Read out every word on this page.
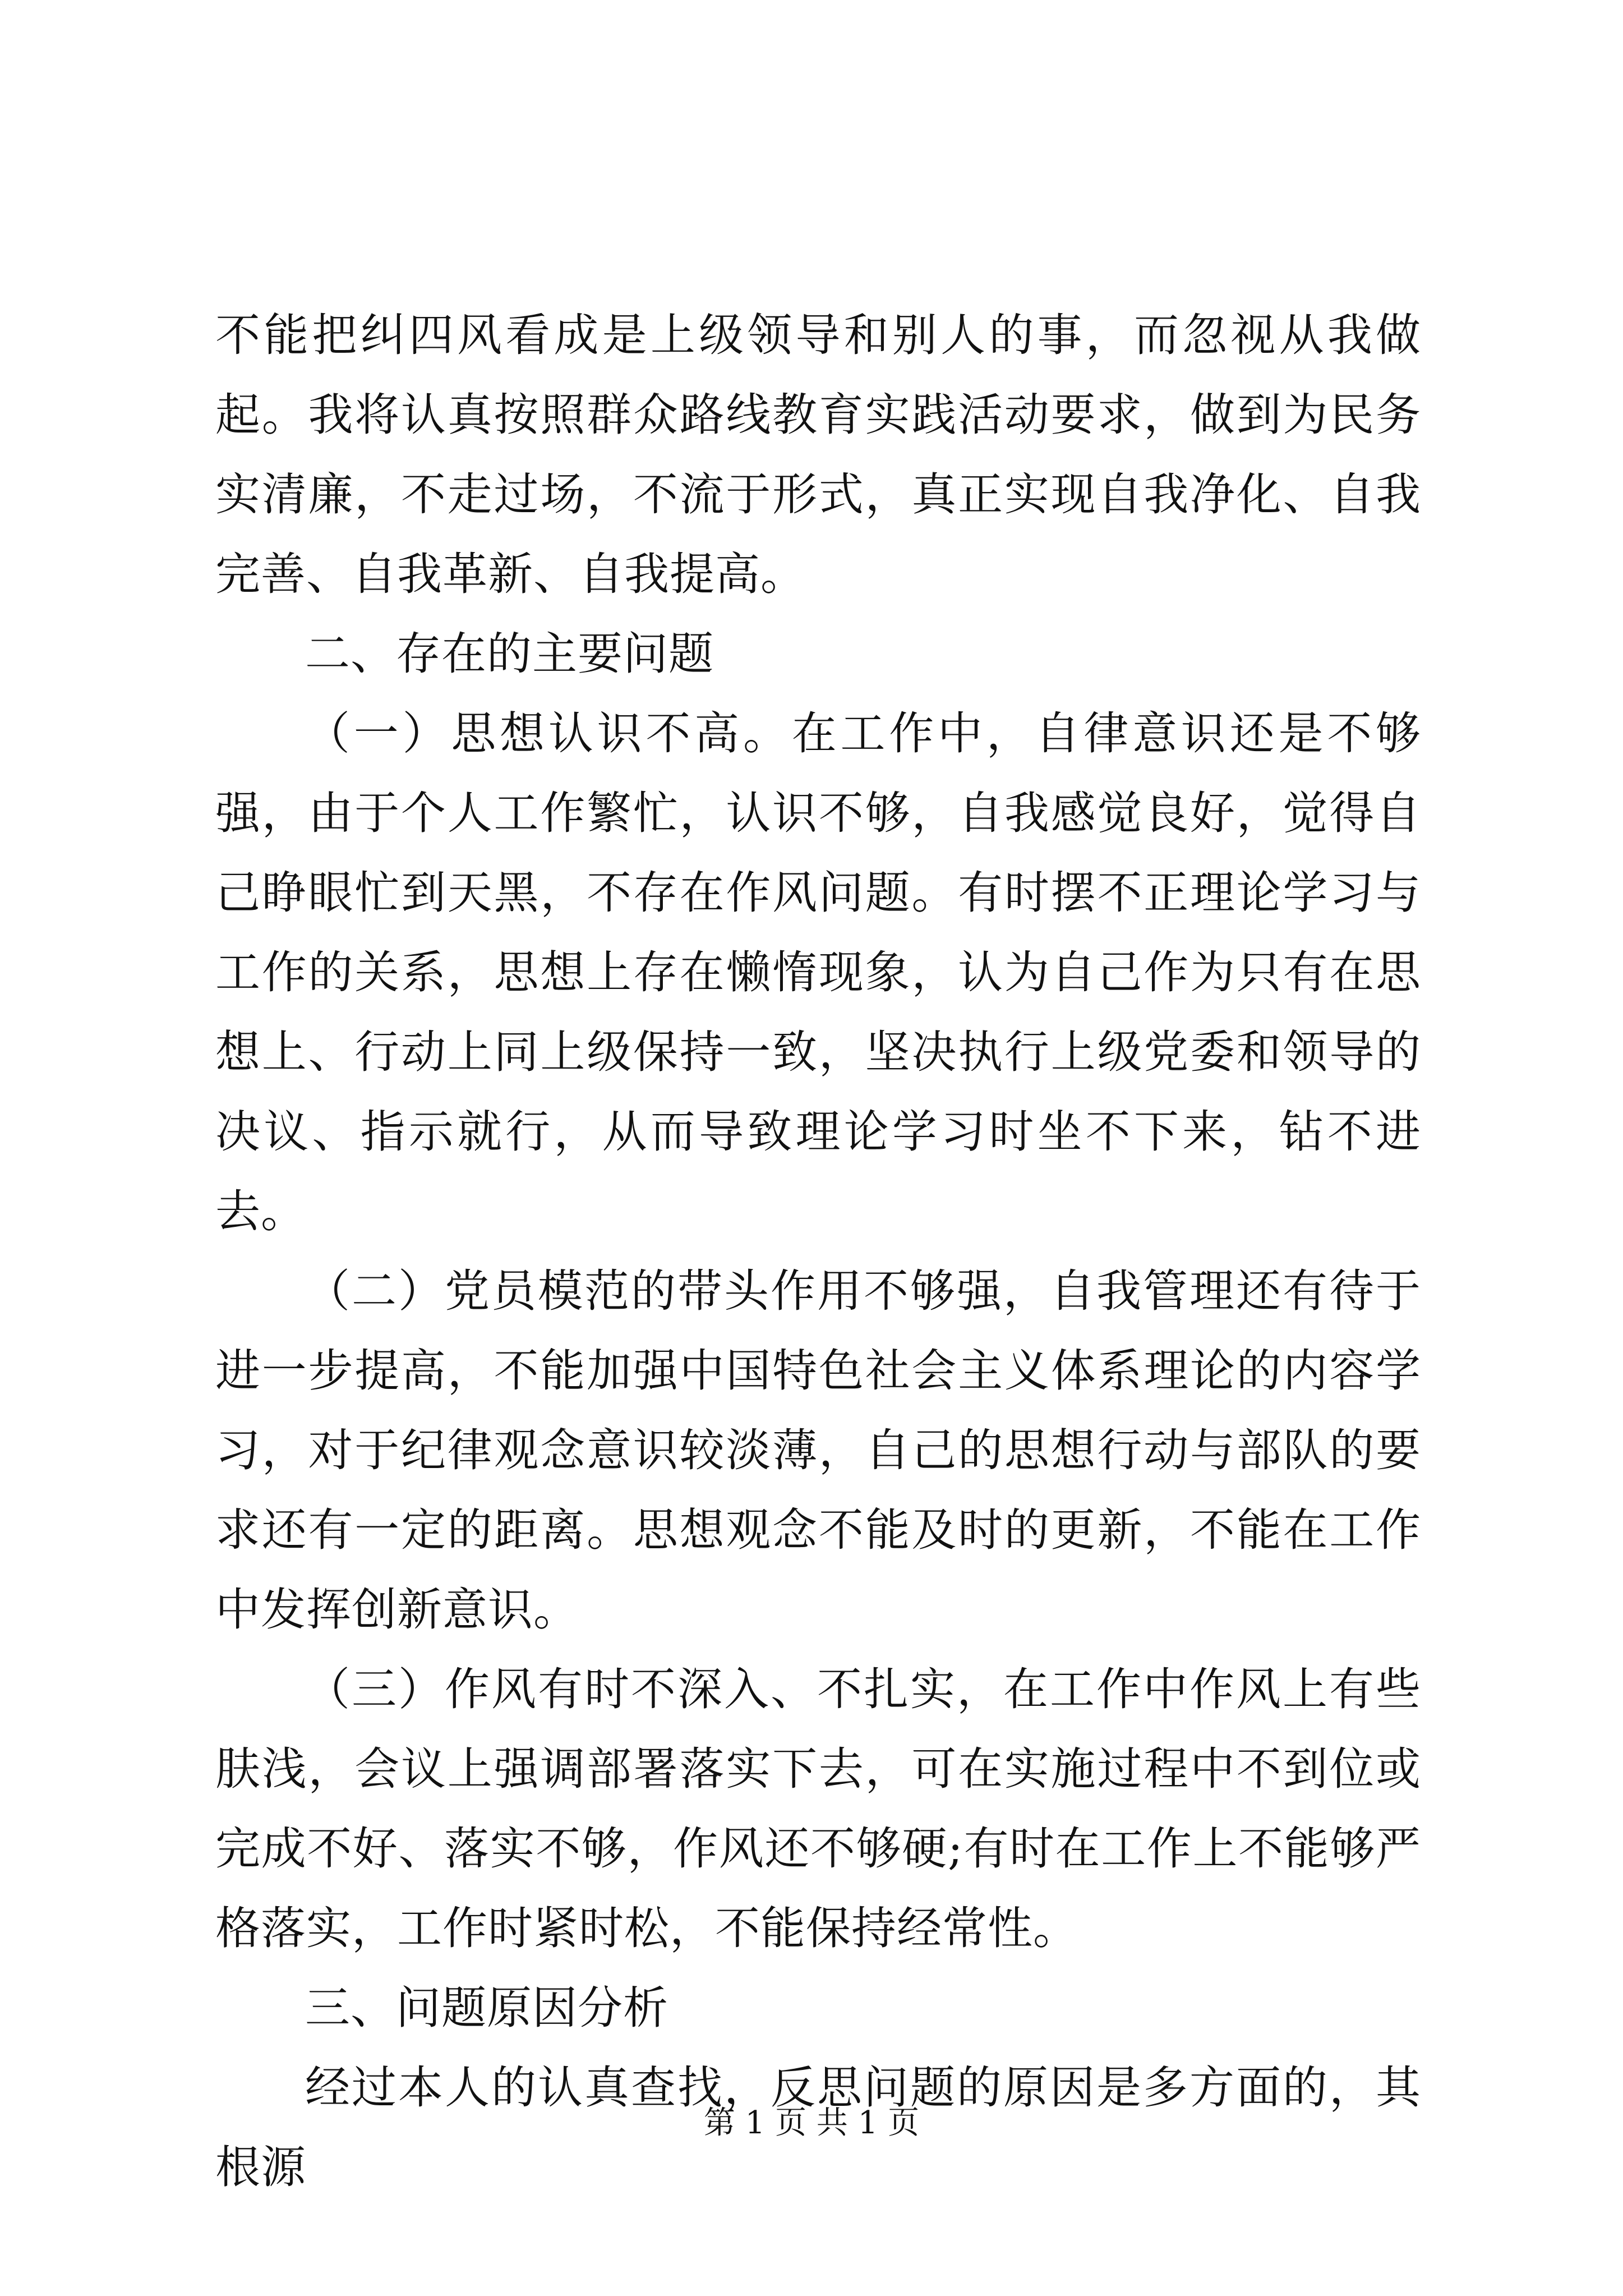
不能把纠四风看成是上级领导和别人的事，而忽视从我做起。我将认真按照群众路线教育实践活动要求，做到为民务实清廉，不走过场，不流于形式，真正实现自我净化、自我完善、自我革新、自我提高。

二、存在的主要问题

（一）思想认识不高。在工作中，自律意识还是不够强，由于个人工作繁忙，认识不够，自我感觉良好，觉得自己睁眼忙到天黑，不存在作风问题。有时摆不正理论学习与工作的关系，思想上存在懒惰现象，认为自己作为只有在思想上、行动上同上级保持一致，坚决执行上级党委和领导的决议、指示就行，从而导致理论学习时坐不下来，钻不进去。

（二）党员模范的带头作用不够强，自我管理还有待于进一步提高，不能加强中国特色社会主义体系理论的内容学习，对于纪律观念意识较淡薄，自己的思想行动与部队的要求还有一定的距离。思想观念不能及时的更新，不能在工作中发挥创新意识。

（三）作风有时不深入、不扎实，在工作中作风上有些肤浅，会议上强调部署落实下去，可在实施过程中不到位或完成不好、落实不够，作风还不够硬;有时在工作上不能够严格落实，工作时紧时松，不能保持经常性。

三、问题原因分析

经过本人的认真查找，反思问题的原因是多方面的，其根源

第 1 页 共 1 页
